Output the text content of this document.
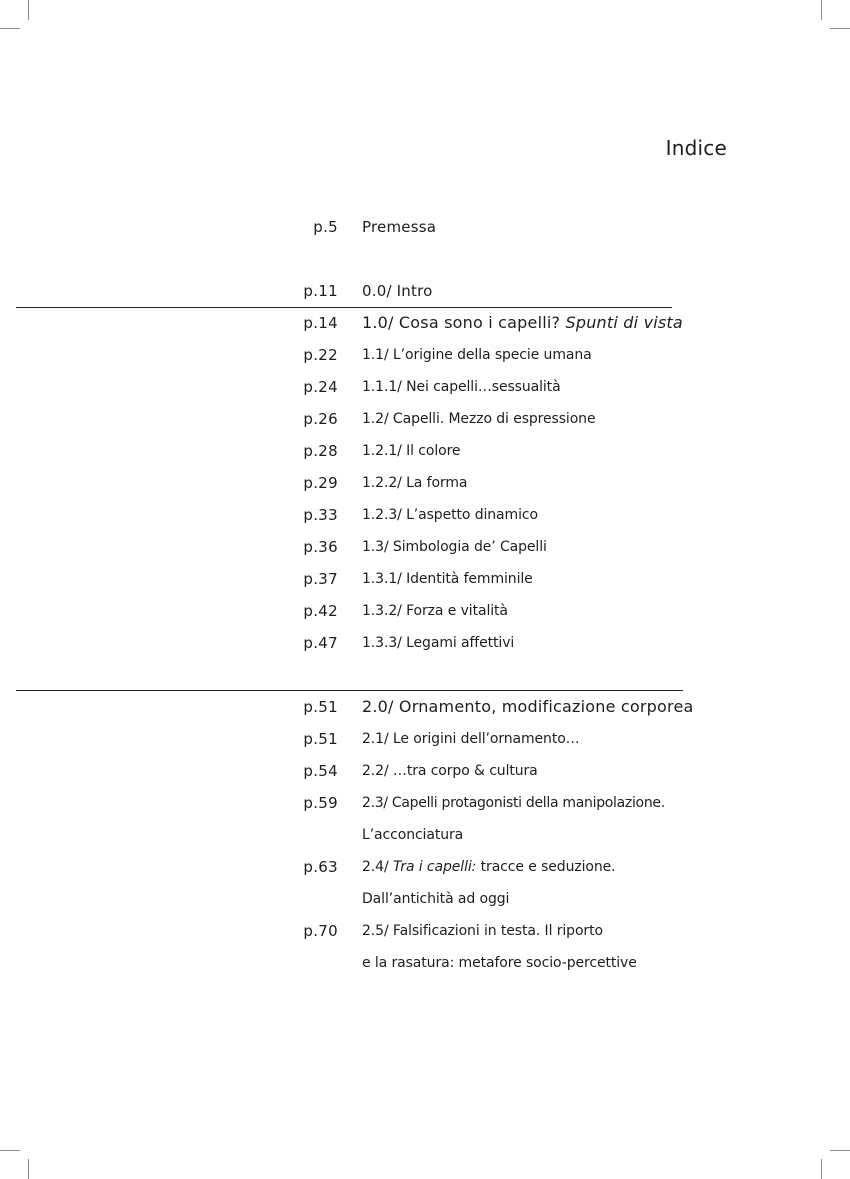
Indice
p.5 Premessa
p.11 0.0/ Intro
p.14 1.0/ Cosa sono i capelli? Spunti di vista
p.22 1.1/ L’origine della specie umana
p.24 1.1.1/ Nei capelli…sessualità
p.26 1.2/ Capelli. Mezzo di espressione
p.28 1.2.1/ Il colore
p.29 1.2.2/ La forma
p.33 1.2.3/ L’aspetto dinamico
p.36 1.3/ Simbologia de’ Capelli
p.37 1.3.1/ Identità femminile
p.42 1.3.2/ Forza e vitalità
p.47 1.3.3/ Legami affettivi
p.51 2.0/ Ornamento, modificazione corporea
p.51 2.1/ Le origini dell’ornamento…
p.54 2.2/ …tra corpo & cultura
p.59 2.3/ Capelli protagonisti della manipolazione.
L’acconciatura
p.63 2.4/ Tra i capelli: tracce e seduzione.
Dall’antichità ad oggi
p.70 2.5/ Falsificazioni in testa. Il riporto
e la rasatura: metafore socio-percettive
